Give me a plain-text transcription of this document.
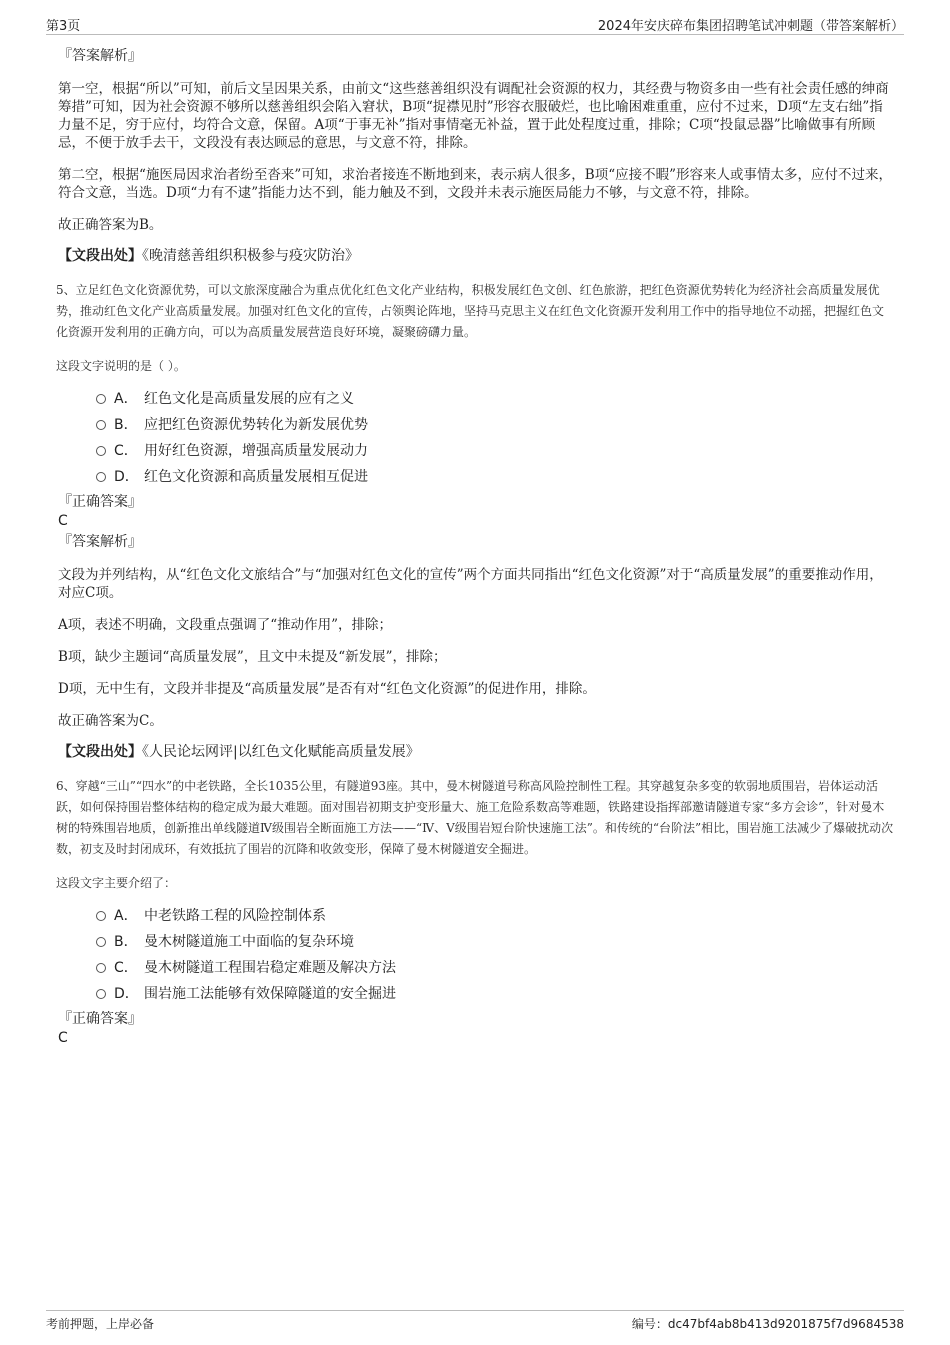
第3页	2024年安庆碎布集团招聘笔试冲刺题（带答案解析）
『答案解析』
第一空，根据“所以”可知，前后文呈因果关系，由前文“这些慈善组织没有调配社会资源的权力，其经费与物资多由一些有社会责任感的绅商筹措”可知，因为社会资源不够所以慈善组织会陷入窘状，B项“捉襟见肘”形容衣服破烂，也比喻困难重重，应付不过来，D项“左支右绌”指力量不足，穷于应付，均符合文意，保留。A项“于事无补”指对事情毫无补益，置于此处程度过重，排除；C项“投鼠忌器”比喻做事有所顾忌，不便于放手去干，文段没有表达顾忌的意思，与文意不符，排除。
第二空，根据“施医局因求治者纷至沓来”可知，求治者接连不断地到来，表示病人很多，B项“应接不暇”形容来人或事情太多，应付不过来，符合文意，当选。D项“力有不逮”指能力达不到，能力触及不到，文段并未表示施医局能力不够，与文意不符，排除。
故正确答案为B。
【文段出处】《晚清慈善组织积极参与疫灾防治》
5、立足红色文化资源优势，可以文旅深度融合为重点优化红色文化产业结构，积极发展红色文创、红色旅游，把红色资源优势转化为经济社会高质量发展优势，推动红色文化产业高质量发展。加强对红色文化的宣传，占领舆论阵地，坚持马克思主义在红色文化资源开发利用工作中的指导地位不动摇，把握红色文化资源开发利用的正确方向，可以为高质量发展营造良好环境，凝聚磅礴力量。
这段文字说明的是（ ）。
A． 红色文化是高质量发展的应有之义
B． 应把红色资源优势转化为新发展优势
C． 用好红色资源，增强高质量发展动力
D． 红色文化资源和高质量发展相互促进
『正确答案』
C
『答案解析』
文段为并列结构，从“红色文化文旅结合”与“加强对红色文化的宣传”两个方面共同指出“红色文化资源”对于“高质量发展”的重要推动作用，对应C项。
A项，表述不明确，文段重点强调了“推动作用”，排除；
B项，缺少主题词“高质量发展”，且文中未提及“新发展”，排除；
D项，无中生有，文段并非提及“高质量发展”是否有对“红色文化资源”的促进作用，排除。
故正确答案为C。
【文段出处】《人民论坛网评|以红色文化赋能高质量发展》
6、穿越“三山”“四水”的中老铁路，全长1035公里，有隧道93座。其中，曼木树隧道号称高风险控制性工程。其穿越复杂多变的软弱地质围岩，岩体运动活跃，如何保持围岩整体结构的稳定成为最大难题。面对围岩初期支护变形量大、施工危险系数高等难题，铁路建设指挥部邀请隧道专家“多方会诊”，针对曼木树的特殊围岩地质，创新推出单线隧道Ⅳ级围岩全断面施工方法——“Ⅳ、Ⅴ级围岩短台阶快速施工法”。和传统的“台阶法”相比，围岩施工法减少了爆破扰动次数，初支及时封闭成环，有效抵抗了围岩的沉降和收敛变形，保障了曼木树隧道安全掘进。
这段文字主要介绍了：
A． 中老铁路工程的风险控制体系
B． 曼木树隧道施工中面临的复杂环境
C． 曼木树隧道工程围岩稳定难题及解决方法
D． 围岩施工法能够有效保障隧道的安全掘进
『正确答案』
C
考前押题，上岸必备	编号：dc47bf4ab8b413d9201875f7d9684538
